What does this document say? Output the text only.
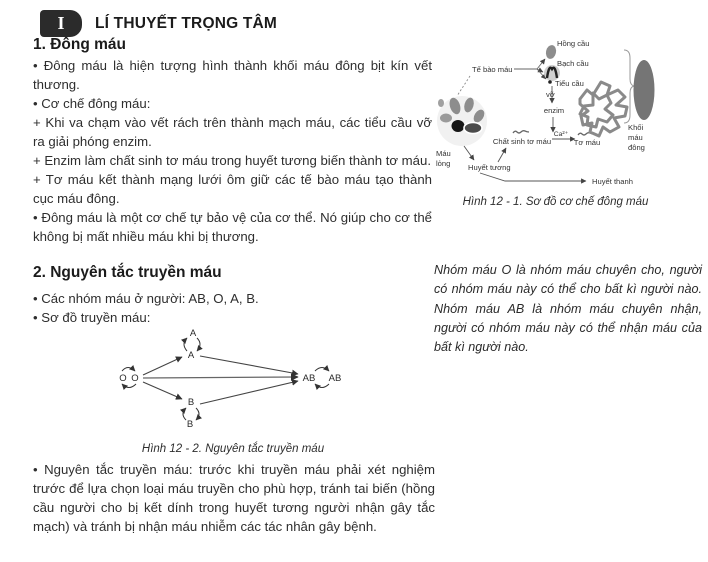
I LÍ THUYẾT TRỌNG TÂM
1. Đông máu

• Đông máu là hiện tượng hình thành khối máu đông bịt kín vết thương.

• Cơ chế đông máu:

+ Khi va chạm vào vết rách trên thành mạch máu, các tiểu cầu vỡ ra giải phóng enzim.

+ Enzim làm chất sinh tơ máu trong huyết tương biến thành tơ máu.

+ Tơ máu kết thành mạng lưới ôm giữ các tế bào máu tạo thành cục máu đông.

• Đông máu là một cơ chế tự bảo vệ của cơ thể. Nó giúp cho cơ thể không bị mất nhiều máu khi bị thương.

2. Nguyên tắc truyền máu
• Các nhóm máu ở người: AB, O, A, B.
• Sơ đồ truyền máu:
O O
A
A
B
B
AB AB
Hình 12 - 2. Nguyên tắc truyền máu

• Nguyên tắc truyền máu: trước khi truyền máu phải xét nghiệm trước để lựa chọn loại máu truyền cho phù hợp, tránh tai biến (hồng cầu người cho bị kết dính trong huyết tương người nhận gây tắc mạch) và tránh bị nhận máu nhiễm các tác nhân gây bệnh.

Máu
lỏng
Tế bào máu
Hồng cầu
Bạch cầu
Tiểu cầu
vỡ
enzim
Chất sinh tơ máu
Ca²⁺
Tơ máu
Huyết tương
Huyết thanh
Khối
máu
đông
Hình 12 - 1. Sơ đồ cơ chế đông máu
Nhóm máu O là nhóm máu chuyên cho, người có nhóm máu này có thể cho bất kì người nào. Nhóm máu AB là nhóm máu chuyên nhận, người có nhóm máu này có thể nhận máu của bất kì người nào.
